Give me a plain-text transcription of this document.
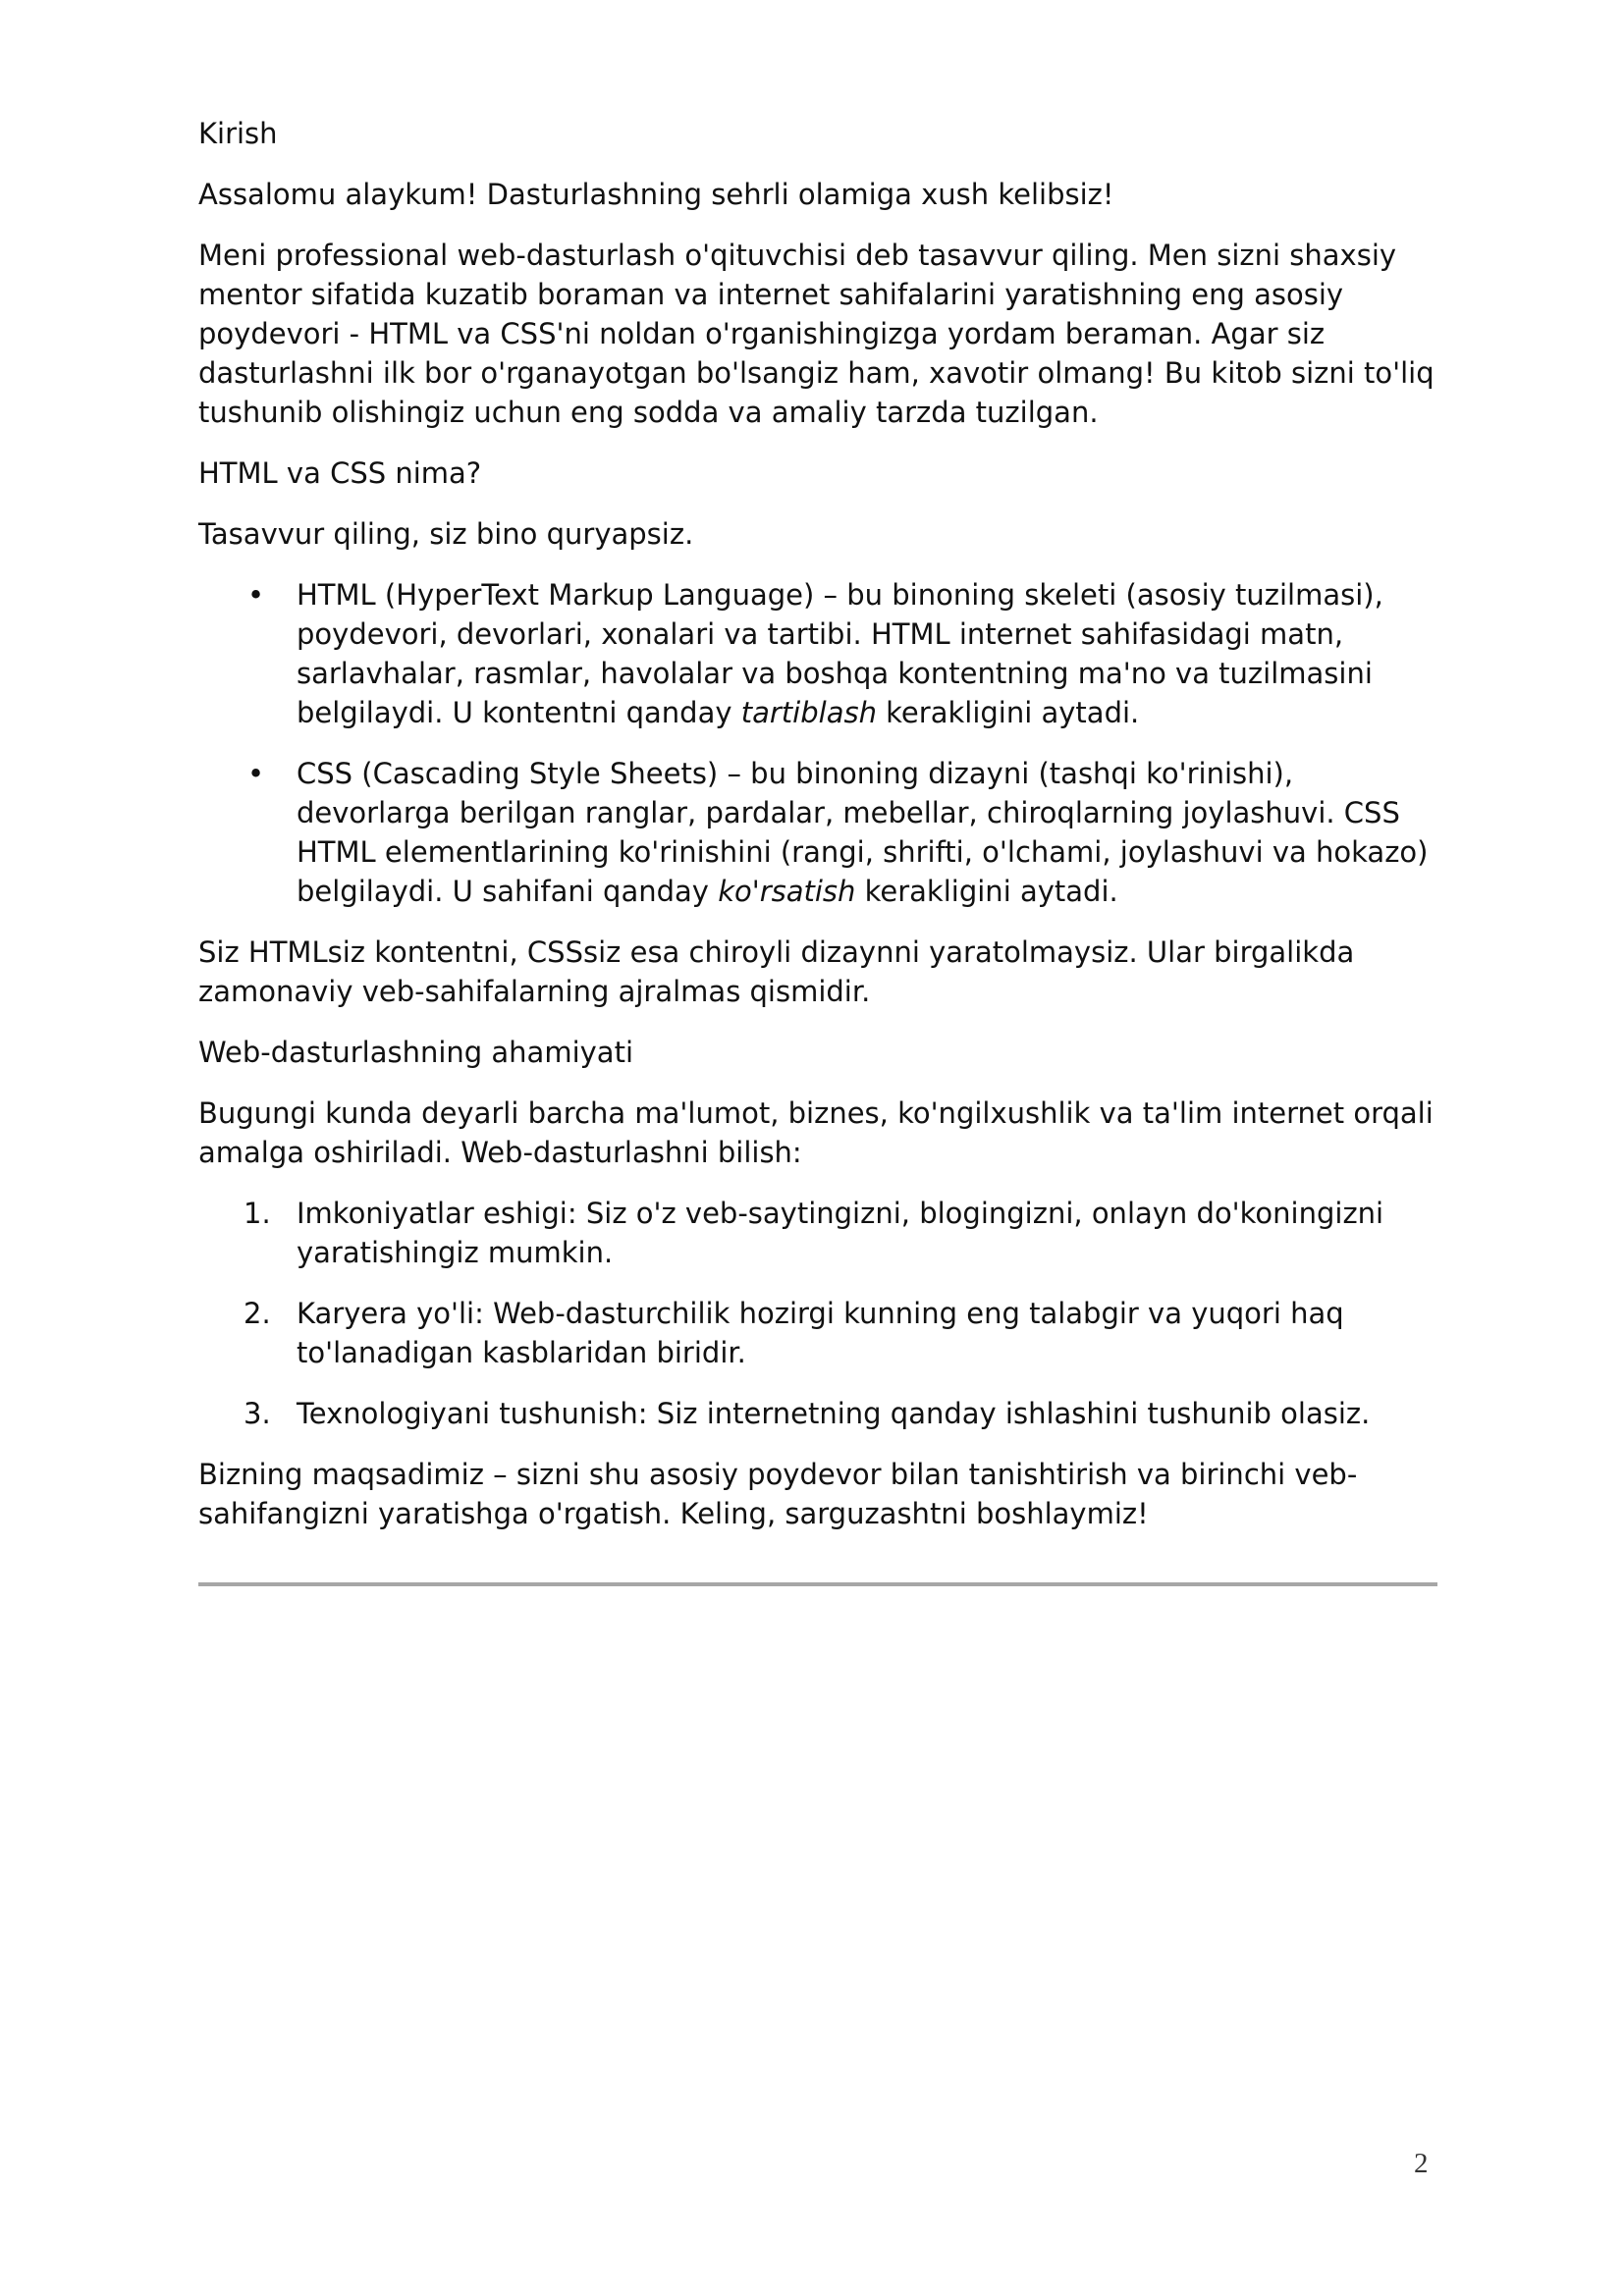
Kirish

Assalomu alaykum! Dasturlashning sehrli olamiga xush kelibsiz!

Meni professional web-dasturlash o'qituvchisi deb tasavvur qiling. Men sizni shaxsiy mentor sifatida kuzatib boraman va internet sahifalarini yaratishning eng asosiy poydevori - HTML va CSS'ni noldan o'rganishingizga yordam beraman. Agar siz dasturlashni ilk bor o'rganayotgan bo'lsangiz ham, xavotir olmang! Bu kitob sizni to'liq tushunib olishingiz uchun eng sodda va amaliy tarzda tuzilgan.

HTML va CSS nima?

Tasavvur qiling, siz bino quryapsiz.

• HTML (HyperText Markup Language) – bu binoning skeleti (asosiy tuzilmasi), poydevori, devorlari, xonalari va tartibi. HTML internet sahifasidagi matn, sarlavhalar, rasmlar, havolalar va boshqa kontentning ma'no va tuzilmasini belgilaydi. U kontentni qanday tartiblash kerakligini aytadi.
• CSS (Cascading Style Sheets) – bu binoning dizayni (tashqi ko'rinishi), devorlarga berilgan ranglar, pardalar, mebellar, chiroqlarning joylashuvi. CSS HTML elementlarining ko'rinishini (rangi, shrifti, o'lchami, joylashuvi va hokazo) belgilaydi. U sahifani qanday ko'rsatish kerakligini aytadi.

Siz HTMLsiz kontentni, CSSsiz esa chiroyli dizaynni yaratolmaysiz. Ular birgalikda zamonaviy veb-sahifalarning ajralmas qismidir.

Web-dasturlashning ahamiyati

Bugungi kunda deyarli barcha ma'lumot, biznes, ko'ngilxushlik va ta'lim internet orqali amalga oshiriladi. Web-dasturlashni bilish:

1. Imkoniyatlar eshigi: Siz o'z veb-saytingizni, blogingizni, onlayn do'koningizni yaratishingiz mumkin.
2. Karyera yo'li: Web-dasturchilik hozirgi kunning eng talabgir va yuqori haq to'lanadigan kasblaridan biridir.
3. Texnologiyani tushunish: Siz internetning qanday ishlashini tushunib olasiz.

Bizning maqsadimiz – sizni shu asosiy poydevor bilan tanishtirish va birinchi veb-sahifangizni yaratishga o'rgatish. Keling, sarguzashtni boshlaymiz!

2
